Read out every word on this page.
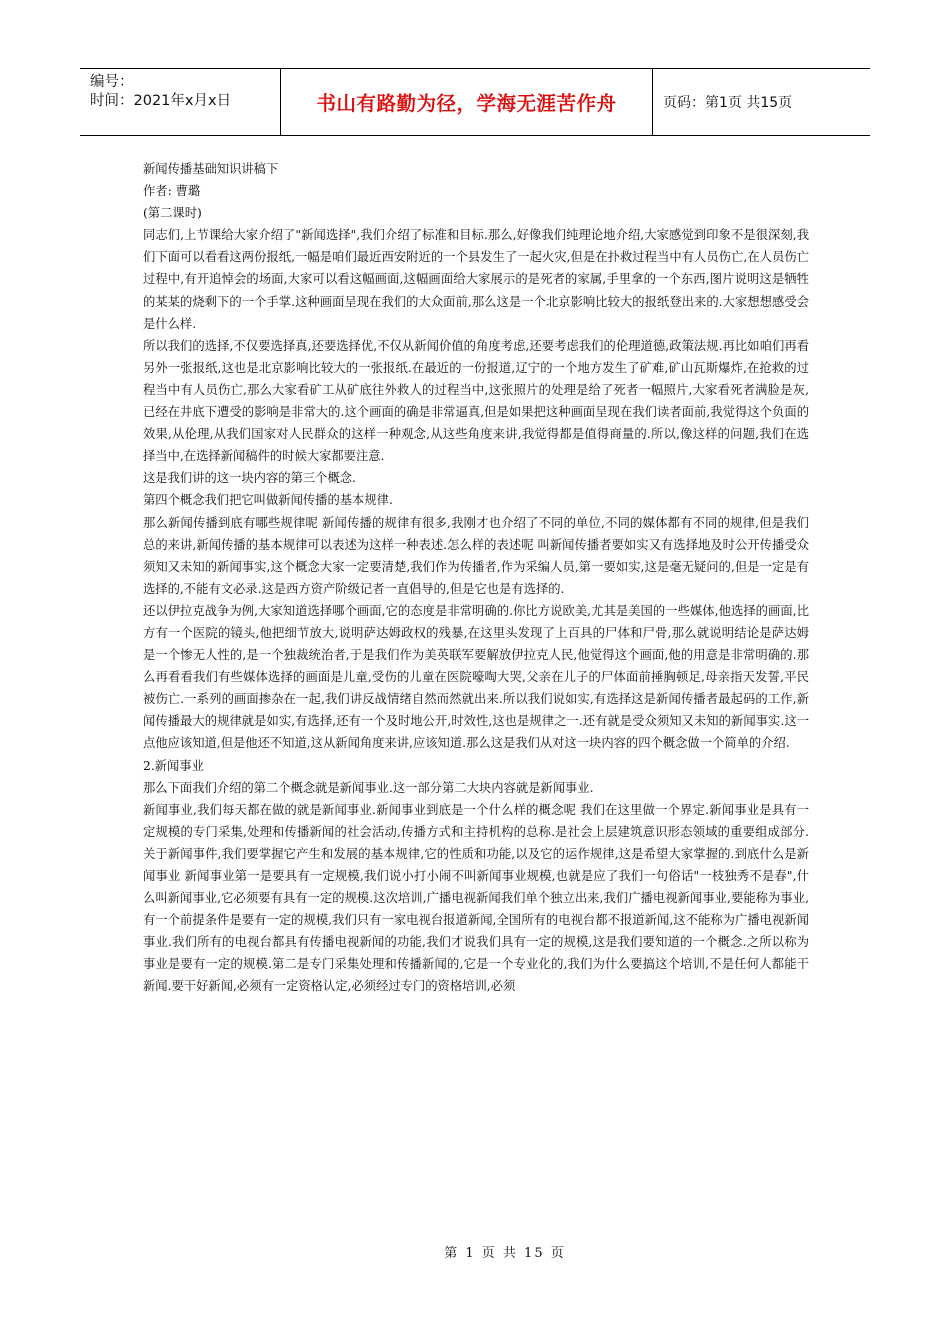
编号：
时间：2021年x月x日	书山有路勤为径，学海无涯苦作舟	页码：第1页 共15页

新闻传播基础知识讲稿下

作者: 曹璐

(第二课时)

同志们,上节课给大家介绍了"新闻选择",我们介绍了标准和目标.那么,好像我们纯理论地介绍,大家感觉到印象不是很深刻,我们下面可以看看这两份报纸,一幅是咱们最近西安附近的一个县发生了一起火灾,但是在扑救过程当中有人员伤亡,在人员伤亡过程中,有开追悼会的场面,大家可以看这幅画面,这幅画面给大家展示的是死者的家属,手里拿的一个东西,图片说明这是牺牲的某某的烧剩下的一个手掌.这种画面呈现在我们的大众面前,那么这是一个北京影响比较大的报纸登出来的.大家想想感受会是什么样.

所以我们的选择,不仅要选择真,还要选择优,不仅从新闻价值的角度考虑,还要考虑我们的伦理道德,政策法规.再比如咱们再看另外一张报纸,这也是北京影响比较大的一张报纸.在最近的一份报道,辽宁的一个地方发生了矿难,矿山瓦斯爆炸,在抢救的过程当中有人员伤亡,那么大家看矿工从矿底往外救人的过程当中,这张照片的处理是给了死者一幅照片,大家看死者满脸是灰,已经在井底下遭受的影响是非常大的.这个画面的确是非常逼真,但是如果把这种画面呈现在我们读者面前,我觉得这个负面的效果,从伦理,从我们国家对人民群众的这样一种观念,从这些角度来讲,我觉得都是值得商量的.所以,像这样的问题,我们在选择当中,在选择新闻稿件的时候大家都要注意.

这是我们讲的这一块内容的第三个概念.

第四个概念我们把它叫做新闻传播的基本规律.

那么新闻传播到底有哪些规律呢 新闻传播的规律有很多,我刚才也介绍了不同的单位,不同的媒体都有不同的规律,但是我们总的来讲,新闻传播的基本规律可以表述为这样一种表述.怎么样的表述呢 叫新闻传播者要如实又有选择地及时公开传播受众须知又未知的新闻事实,这个概念大家一定要清楚,我们作为传播者,作为采编人员,第一要如实,这是毫无疑问的,但是一定是有选择的,不能有文必录.这是西方资产阶级记者一直倡导的,但是它也是有选择的.

还以伊拉克战争为例,大家知道选择哪个画面,它的态度是非常明确的.你比方说欧美,尤其是美国的一些媒体,他选择的画面,比方有一个医院的镜头,他把细节放大,说明萨达姆政权的残暴,在这里头发现了上百具的尸体和尸骨,那么就说明结论是萨达姆是一个惨无人性的,是一个独裁统治者,于是我们作为美英联军要解放伊拉克人民,他觉得这个画面,他的用意是非常明确的.那么再看看我们有些媒体选择的画面是儿童,受伤的儿童在医院嚎啕大哭,父亲在儿子的尸体面前捶胸顿足,母亲指天发誓,平民被伤亡.一系列的画面掺杂在一起,我们讲反战情绪自然而然就出来.所以我们说如实,有选择这是新闻传播者最起码的工作,新闻传播最大的规律就是如实,有选择,还有一个及时地公开,时效性,这也是规律之一.还有就是受众须知又未知的新闻事实.这一点他应该知道,但是他还不知道,这从新闻角度来讲,应该知道.那么这是我们从对这一块内容的四个概念做一个简单的介绍.

2.新闻事业

那么下面我们介绍的第二个概念就是新闻事业.这一部分第二大块内容就是新闻事业.

新闻事业,我们每天都在做的就是新闻事业.新闻事业到底是一个什么样的概念呢 我们在这里做一个界定.新闻事业是具有一定规模的专门采集,处理和传播新闻的社会活动,传播方式和主持机构的总称.是社会上层建筑意识形态领域的重要组成部分.关于新闻事件,我们要掌握它产生和发展的基本规律,它的性质和功能,以及它的运作规律,这是希望大家掌握的.到底什么是新闻事业 新闻事业第一是要具有一定规模,我们说小打小闹不叫新闻事业规模,也就是应了我们一句俗话"一枝独秀不是春",什么叫新闻事业,它必须要有具有一定的规模.这次培训,广播电视新闻我们单个独立出来,我们广播电视新闻事业,要能称为事业,有一个前提条件是要有一定的规模,我们只有一家电视台报道新闻,全国所有的电视台都不报道新闻,这不能称为广播电视新闻事业.我们所有的电视台都具有传播电视新闻的功能,我们才说我们具有一定的规模,这是我们要知道的一个概念.之所以称为事业是要有一定的规模.第二是专门采集处理和传播新闻的,它是一个专业化的,我们为什么要搞这个培训,不是任何人都能干新闻.要干好新闻,必须有一定资格认定,必须经过专门的资格培训,必须

第 1 页 共 15 页
